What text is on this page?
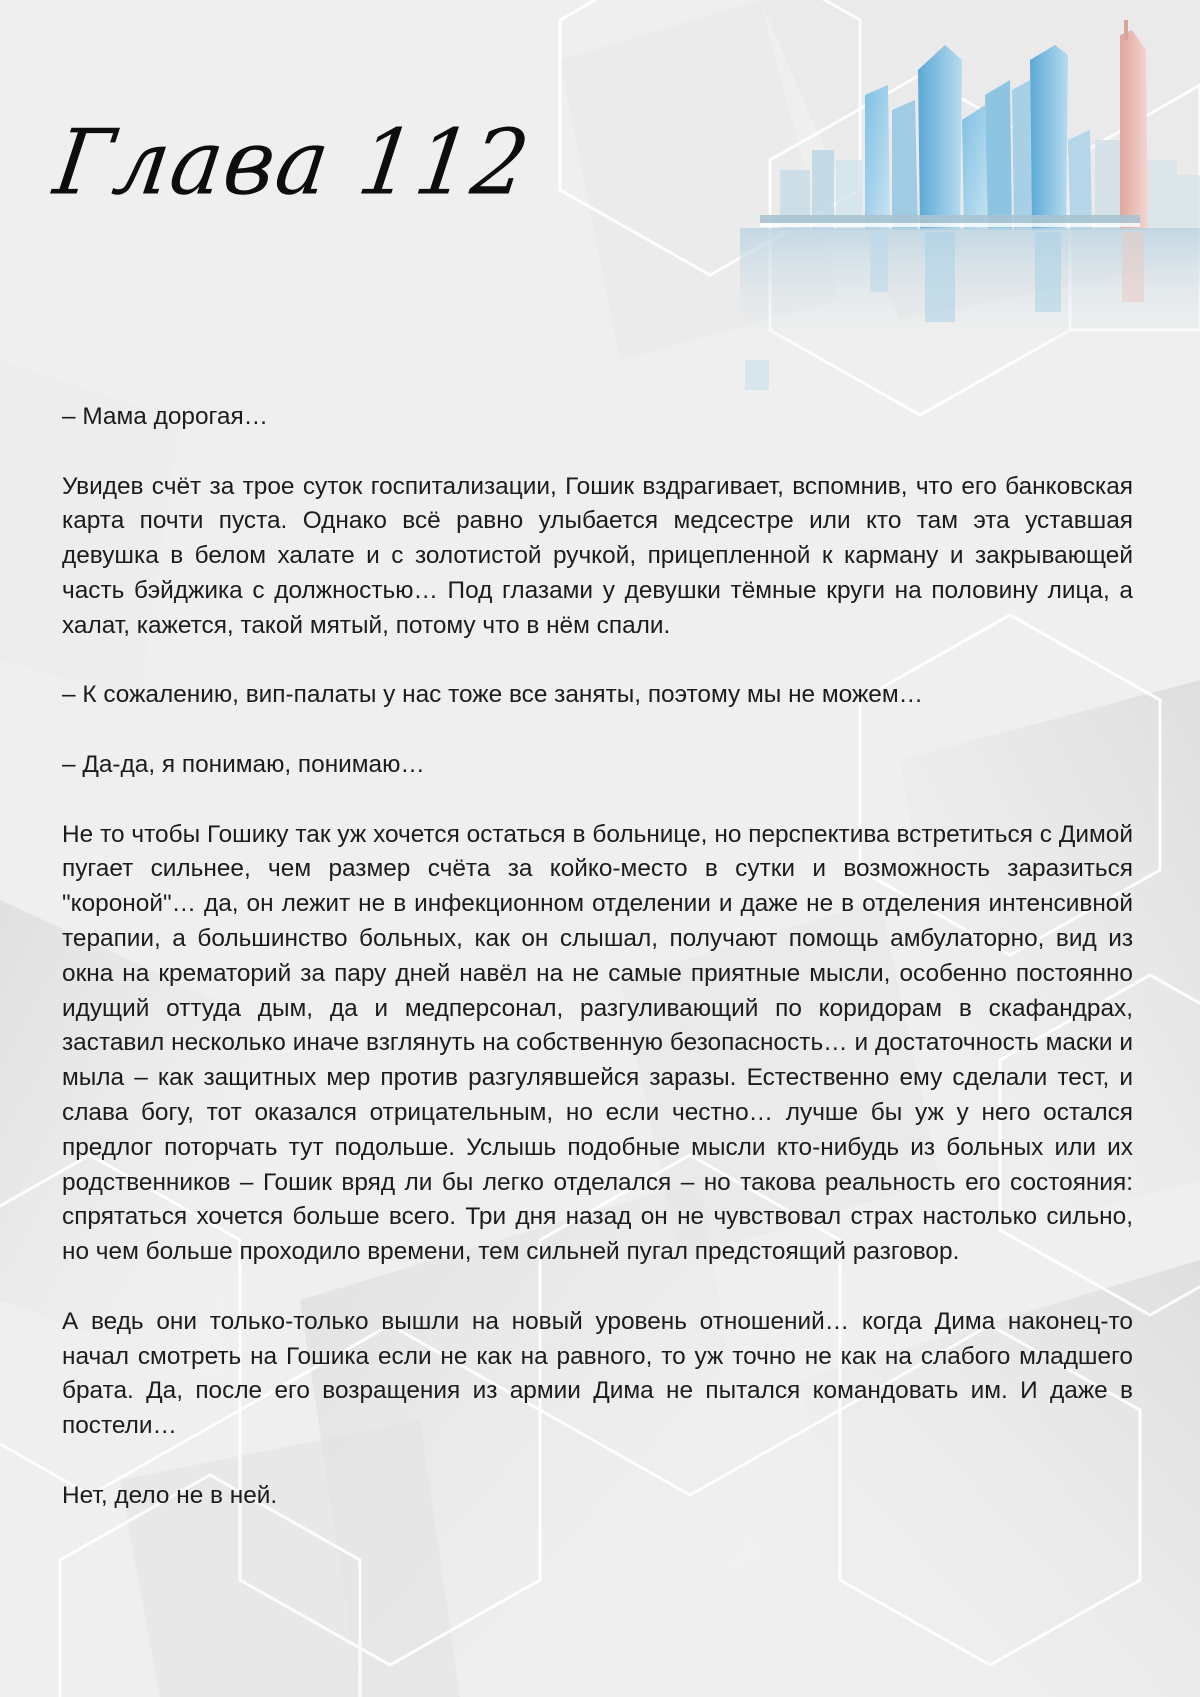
Глава 112

– Мама дорогая…

Увидев счёт за трое суток госпитализации, Гошик вздрагивает, вспомнив, что его банковская карта почти пуста. Однако всё равно улыбается медсестре или кто там эта уставшая девушка в белом халате и с золотистой ручкой, прицепленной к карману и закрывающей часть бэйджика с должностью… Под глазами у девушки тёмные круги на половину лица, а халат, кажется, такой мятый, потому что в нём спали.

– К сожалению, вип-палаты у нас тоже все заняты, поэтому мы не можем…

– Да-да, я понимаю, понимаю…

Не то чтобы Гошику так уж хочется остаться в больнице, но перспектива встретиться с Димой пугает сильнее, чем размер счёта за койко-место в сутки и возможность заразиться "короной"… да, он лежит не в инфекционном отделении и даже не в отделения интенсивной терапии, а большинство больных, как он слышал, получают помощь амбулаторно, вид из окна на крематорий за пару дней навёл на не самые приятные мысли, особенно постоянно идущий оттуда дым, да и медперсонал, разгуливающий по коридорам в скафандрах, заставил несколько иначе взглянуть на собственную безопасность… и достаточность маски и мыла – как защитных мер против разгулявшейся заразы. Естественно ему сделали тест, и слава богу, тот оказался отрицательным, но если честно… лучше бы уж у него остался предлог поторчать тут подольше. Услышь подобные мысли кто-нибудь из больных или их родственников – Гошик вряд ли бы легко отделался – но такова реальность его состояния: спрятаться хочется больше всего. Три дня назад он не чувствовал страх настолько сильно, но чем больше проходило времени, тем сильней пугал предстоящий разговор.

А ведь они только-только вышли на новый уровень отношений… когда Дима наконец-то начал смотреть на Гошика если не как на равного, то уж точно не как на слабого младшего брата. Да, после его возращения из армии Дима не пытался командовать им. И даже в постели…

Нет, дело не в ней.
